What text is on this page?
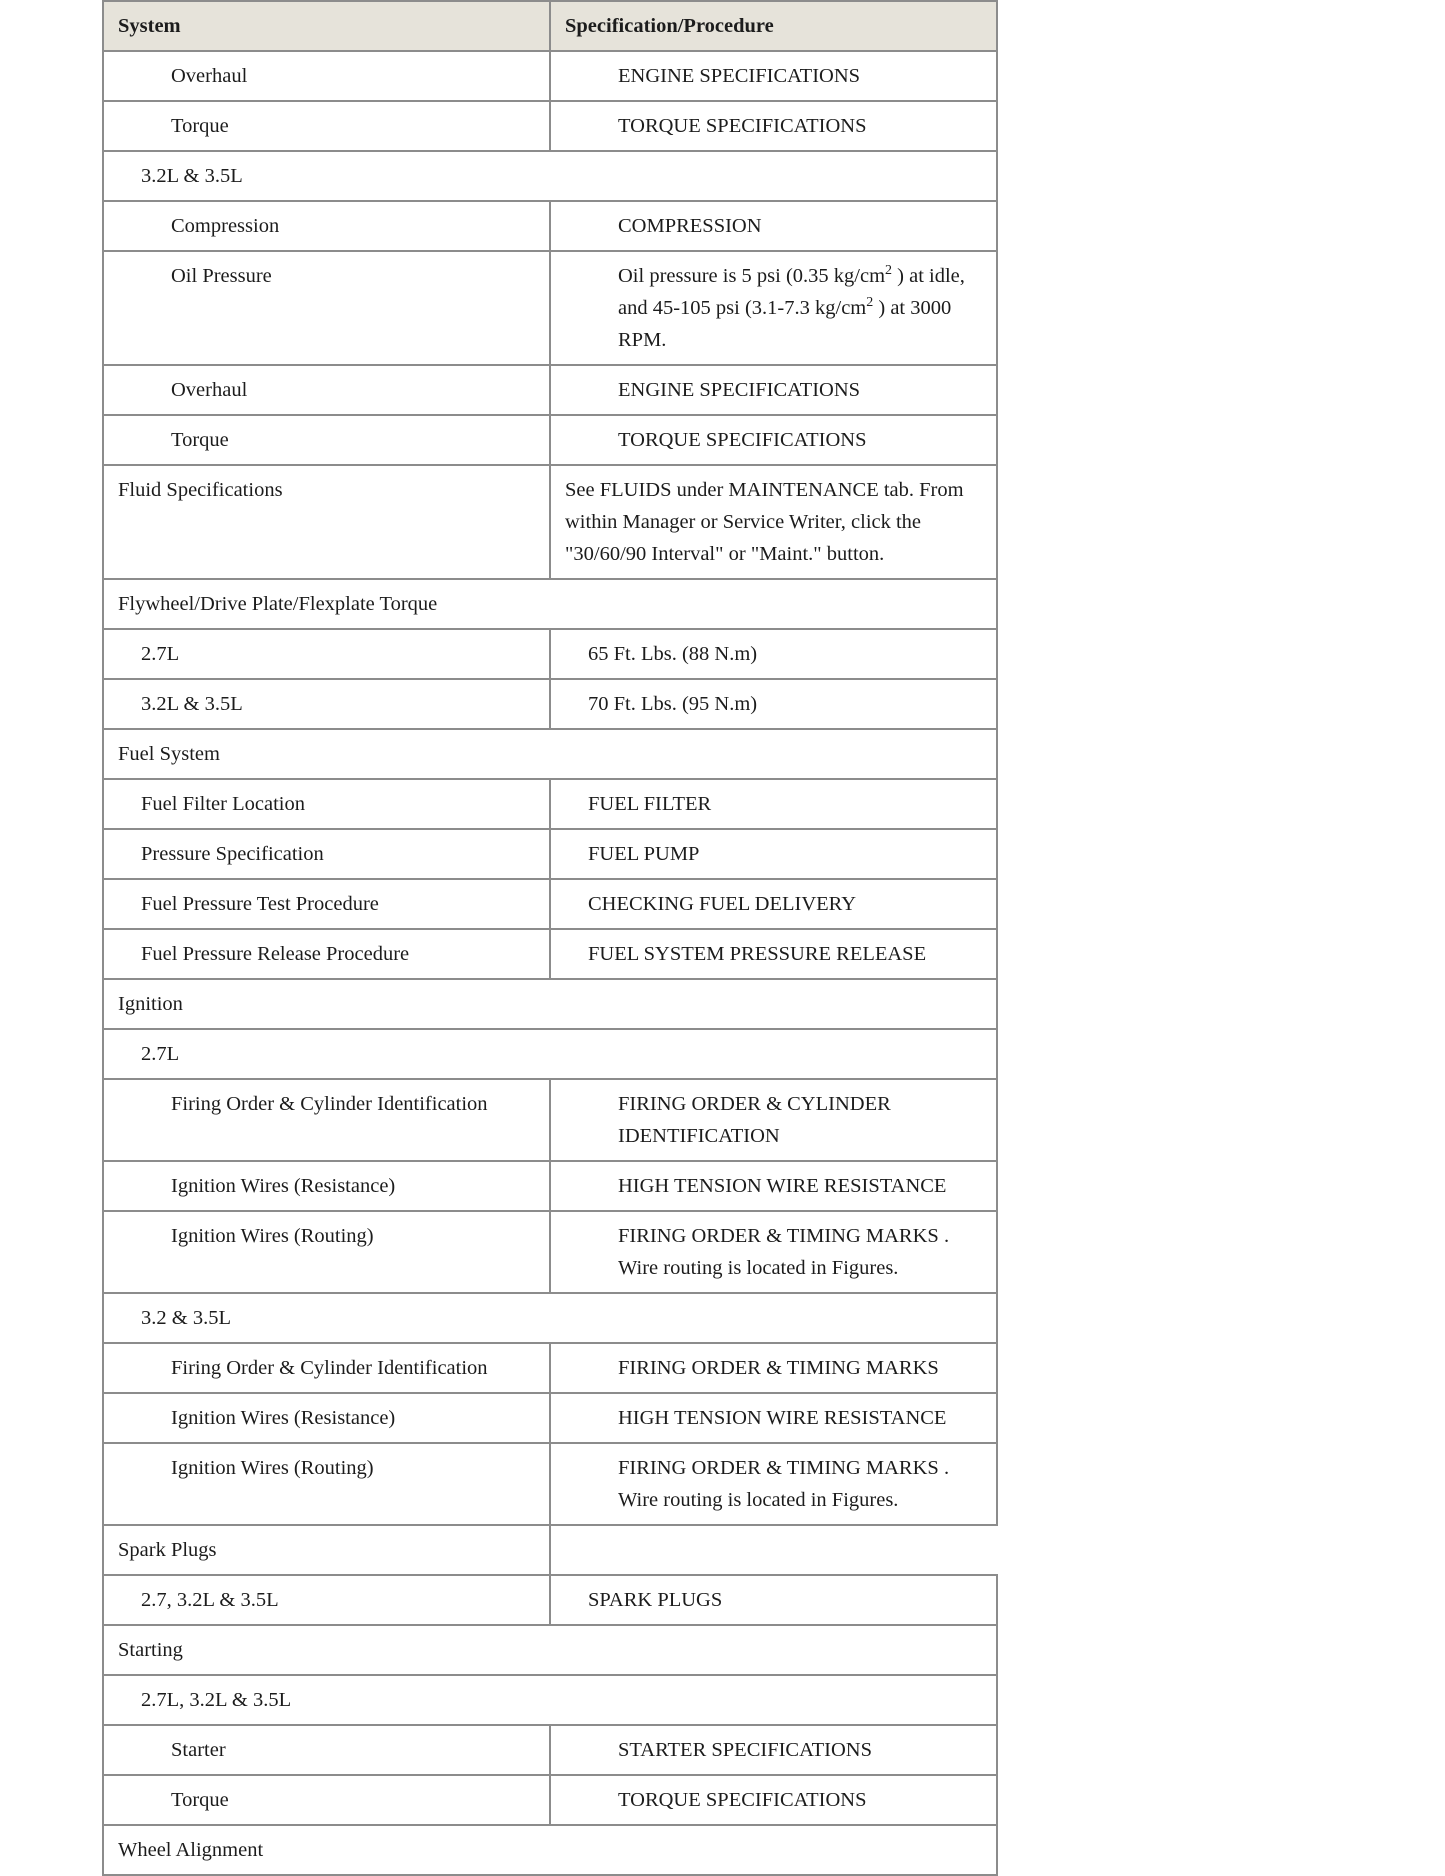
System	Specification/Procedure
Overhaul	ENGINE SPECIFICATIONS
Torque	TORQUE SPECIFICATIONS
3.2L & 3.5L	
Compression	COMPRESSION
Oil Pressure	Oil pressure is 5 psi (0.35 $kg/cm^2$ ) at idle, and 45-105 psi (3.1-7.3 $kg/cm^2$ ) at 3000 RPM.
Overhaul	ENGINE SPECIFICATIONS
Torque	TORQUE SPECIFICATIONS
Fluid Specifications	See FLUIDS under MAINTENANCE tab. From within Manager or Service Writer, click the "30/60/90 Interval" or "Maint." button.
Flywheel/Drive Plate/Flexplate Torque	
2.7L	65 Ft. Lbs. (88 N.m)
3.2L & 3.5L	70 Ft. Lbs. (95 N.m)
Fuel System	
Fuel Filter Location	FUEL FILTER
Pressure Specification	FUEL PUMP
Fuel Pressure Test Procedure	CHECKING FUEL DELIVERY
Fuel Pressure Release Procedure	FUEL SYSTEM PRESSURE RELEASE
Ignition	
2.7L	
Firing Order & Cylinder Identification	FIRING ORDER & CYLINDER IDENTIFICATION
Ignition Wires (Resistance)	HIGH TENSION WIRE RESISTANCE
Ignition Wires (Routing)	FIRING ORDER & TIMING MARKS . Wire routing is located in Figures.
3.2 & 3.5L	
Firing Order & Cylinder Identification	FIRING ORDER & TIMING MARKS
Ignition Wires (Resistance)	HIGH TENSION WIRE RESISTANCE
Ignition Wires (Routing)	FIRING ORDER & TIMING MARKS . Wire routing is located in Figures.
Spark Plugs	
2.7, 3.2L & 3.5L	SPARK PLUGS
Starting	
2.7L, 3.2L & 3.5L	
Starter	STARTER SPECIFICATIONS
Torque	TORQUE SPECIFICATIONS
Wheel Alignment	
